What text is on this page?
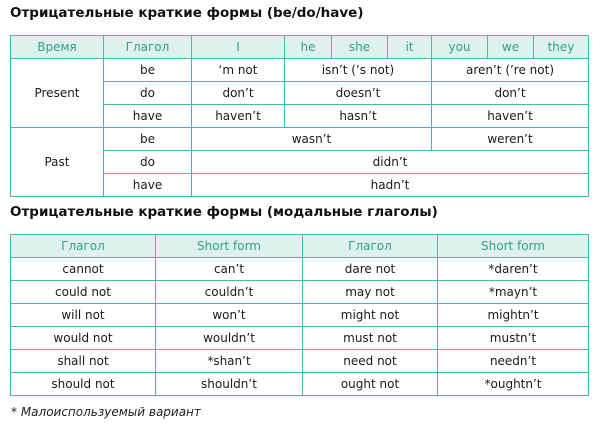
Отрицательные краткие формы (be/do/have)
Время	Глагол	I	he	she	it	you	we	they
Present	be	‘m not	isn’t (’s not)			aren’t (’re not)		
	do	don’t	doesn’t			don’t		
	have	haven’t	hasn’t			haven’t		
Past	be	wasn’t				weren’t		
	do	didn’t						
	have	hadn’t						
Отрицательные краткие формы (модальные глаголы)
Глагол	Short form	Глагол	Short form
cannot	can’t	dare not	*daren’t
could not	couldn’t	may not	*mayn’t
will not	won’t	might not	mightn’t
would not	wouldn’t	must not	mustn’t
shall not	*shan’t	need not	needn’t
should not	shouldn’t	ought not	*oughtn’t
* Малоиспользуемый вариант
